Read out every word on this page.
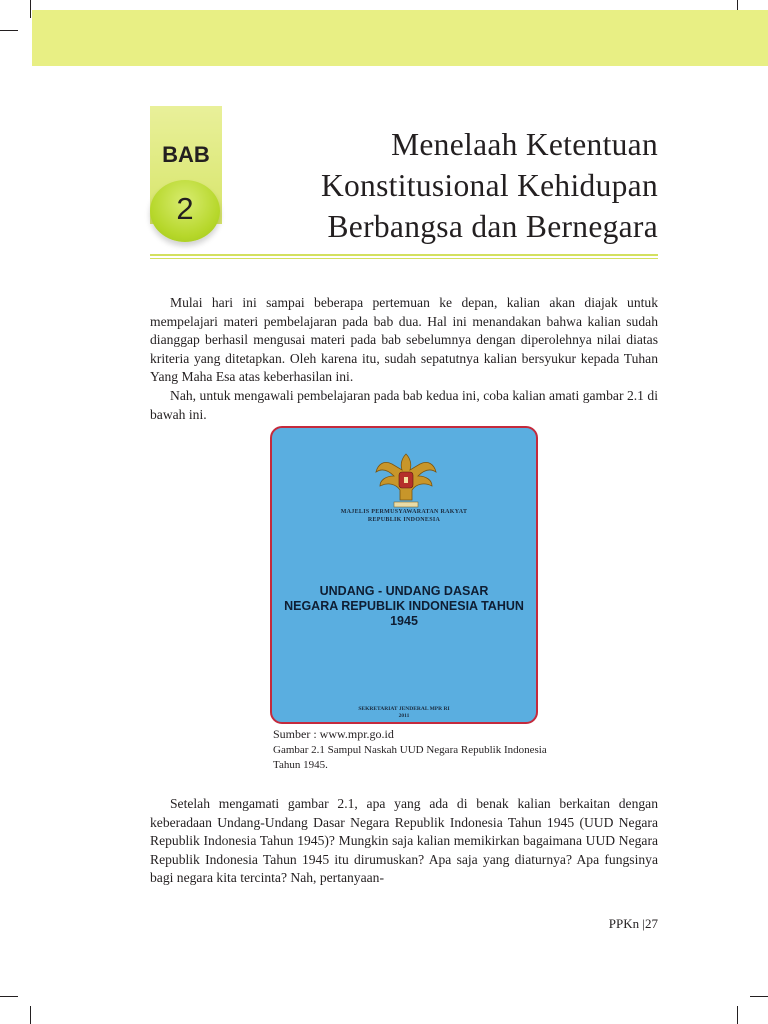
BAB
2
Menelaah Ketentuan
Konstitusional Kehidupan
Berbangsa dan Bernegara

Mulai hari ini sampai beberapa pertemuan ke depan, kalian akan diajak untuk mempelajari materi pembelajaran pada bab dua. Hal ini menandakan bahwa kalian sudah dianggap berhasil mengusai materi pada bab sebelumnya dengan diperolehnya nilai diatas kriteria yang ditetapkan. Oleh karena itu, sudah sepatutnya kalian bersyukur kepada Tuhan Yang Maha Esa atas keberhasilan ini.

Nah, untuk mengawali pembelajaran pada bab kedua ini, coba kalian amati gambar 2.1 di bawah ini.

MAJELIS PERMUSYAWARATAN RAKYAT
REPUBLIK INDONESIA
UNDANG - UNDANG DASAR
NEGARA REPUBLIK INDONESIA TAHUN 1945
SEKRETARIAT JENDERAL MPR RI
2011
Sumber : www.mpr.go.id
Gambar 2.1 Sampul Naskah UUD Negara Republik Indonesia
Tahun 1945.

Setelah mengamati gambar 2.1, apa yang ada di benak kalian berkaitan dengan keberadaan Undang-Undang Dasar Negara Republik Indonesia Tahun 1945 (UUD Negara Republik Indonesia Tahun 1945)? Mungkin saja kalian memikirkan bagaimana UUD Negara Republik Indonesia Tahun 1945 itu dirumuskan? Apa saja yang diaturnya? Apa fungsinya bagi negara kita tercinta? Nah, pertanyaan-

PPKn |27
